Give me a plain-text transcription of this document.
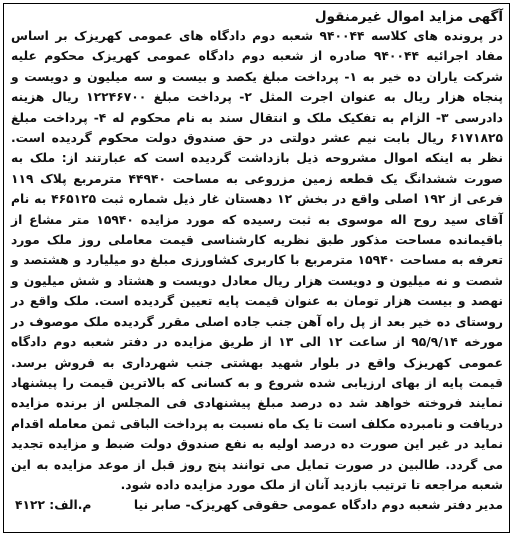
آگهی مزاید اموال غیرمنقول
در پرونده های کلاسه ۹۴۰۰۴۴ شعبه دوم دادگاه های عمومی کهریزک بر اساس مفاد اجرائیه ۹۴۰۰۴۴ صادره از شعبه دوم دادگاه عمومی کهریزک محکوم علیه شرکت یاران ده خیر به ۱- پرداخت مبلغ یکصد و بیست و سه میلیون و دویست و پنجاه هزار ریال به عنوان اجرت المثل ۲- پرداخت مبلغ ۱۲۲۴۶۷۰۰ ریال هزینه دادرسی ۳- الزام به تفکیک ملک و انتقال سند به نام محکوم له ۴- پرداخت مبلغ ۶۱۷۱۸۲۵ ریال بابت نیم عشر دولتی در حق صندوق دولت محکوم گردیده است. نظر به اینکه اموال مشروحه ذیل بازداشت گردیده است که عبارتند از: ملک به صورت ششدانگ یک قطعه زمین مزروعی به مساحت ۴۴۹۴۰ مترمربع پلاک ۱۱۹ فرعی از ۱۹۲ اصلی واقع در بخش ۱۲ دهستان غار ذیل شماره ثبت ۴۶۵۱۲۵ به نام آقای سید روح اله موسوی به ثبت رسیده که مورد مزایده ۱۵۹۴۰ متر مشاع از باقیمانده مساحت مذکور طبق نظریه کارشناسی قیمت معاملی روز ملک مورد تعرفه به مساحت ۱۵۹۴۰ مترمربع با کاربری کشاورزی مبلغ دو میلیارد و هشتصد و شصت و نه میلیون و دویست هزار ریال معادل دویست و هشتاد و شش میلیون و نهصد و بیست هزار تومان به عنوان قیمت پایه تعیین گردیده است. ملک واقع در روستای ده خیر بعد از پل راه آهن جنب جاده اصلی مقرر گردیده ملک موصوف در مورخه ۹۵/۹/۱۴ از ساعت ۱۲ الی ۱۳ از طریق مزایده در دفتر شعبه دوم دادگاه عمومی کهریزک واقع در بلوار شهید بهشتی جنب شهرداری به فروش برسد. قیمت پایه از بهای ارزیابی شده شروع و به کسانی که بالاترین قیمت را پیشنهاد نمایند فروخته خواهد شد ده درصد مبلغ پیشنهادی فی المجلس از برنده مزایده دریافت و نامبرده مکلف است تا یک ماه نسبت به پرداخت الباقی ثمن معامله اقدام نماید در غیر این صورت ده درصد اولیه به نفع صندوق دولت ضبط و مزایده تجدید می گردد. طالبین در صورت تمایل می توانند پنج روز قبل از موعد مزایده به این شعبه مراجعه تا ترتیب بازدید آنان از ملک مورد مزایده داده شود.
مدیر دفتر شعبه دوم دادگاه عمومی حقوقی کهریزک- صابر نیا
م.الف: ۴۱۲۲
